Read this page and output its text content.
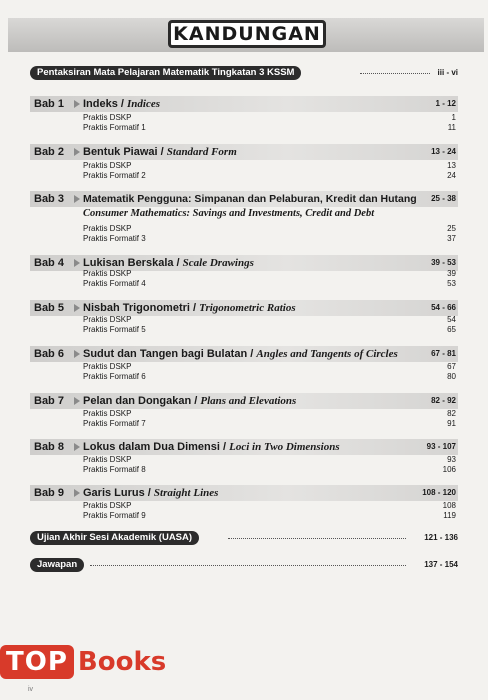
KANDUNGAN
Pentaksiran Mata Pelajaran Matematik Tingkatan 3 KSSM	iii - vi
Bab 1 Indeks / Indices	1 - 12
Praktis DSKP	1
Praktis Formatif 1	11
Bab 2 Bentuk Piawai / Standard Form	13 - 24
Praktis DSKP	13
Praktis Formatif 2	24
Bab 3 Matematik Pengguna: Simpanan dan Pelaburan, Kredit dan Hutang 25 - 38
Consumer Mathematics: Savings and Investments, Credit and Debt
Praktis DSKP	25
Praktis Formatif 3	37
Bab 4 Lukisan Berskala / Scale Drawings	39 - 53
Praktis DSKP	39
Praktis Formatif 4	53
Bab 5 Nisbah Trigonometri / Trigonometric Ratios	54 - 66
Praktis DSKP	54
Praktis Formatif 5	65
Bab 6 Sudut dan Tangen bagi Bulatan / Angles and Tangents of Circles	67 - 81
Praktis DSKP	67
Praktis Formatif 6	80
Bab 7 Pelan dan Dongakan / Plans and Elevations	82 - 92
Praktis DSKP	82
Praktis Formatif 7	91
Bab 8 Lokus dalam Dua Dimensi / Loci in Two Dimensions	93 - 107
Praktis DSKP	93
Praktis Formatif 8	106
Bab 9 Garis Lurus / Straight Lines	108 - 120
Praktis DSKP	108
Praktis Formatif 9	119
Ujian Akhir Sesi Akademik (UASA)	121 - 136
Jawapan	137 - 154
TOP Books
iv
